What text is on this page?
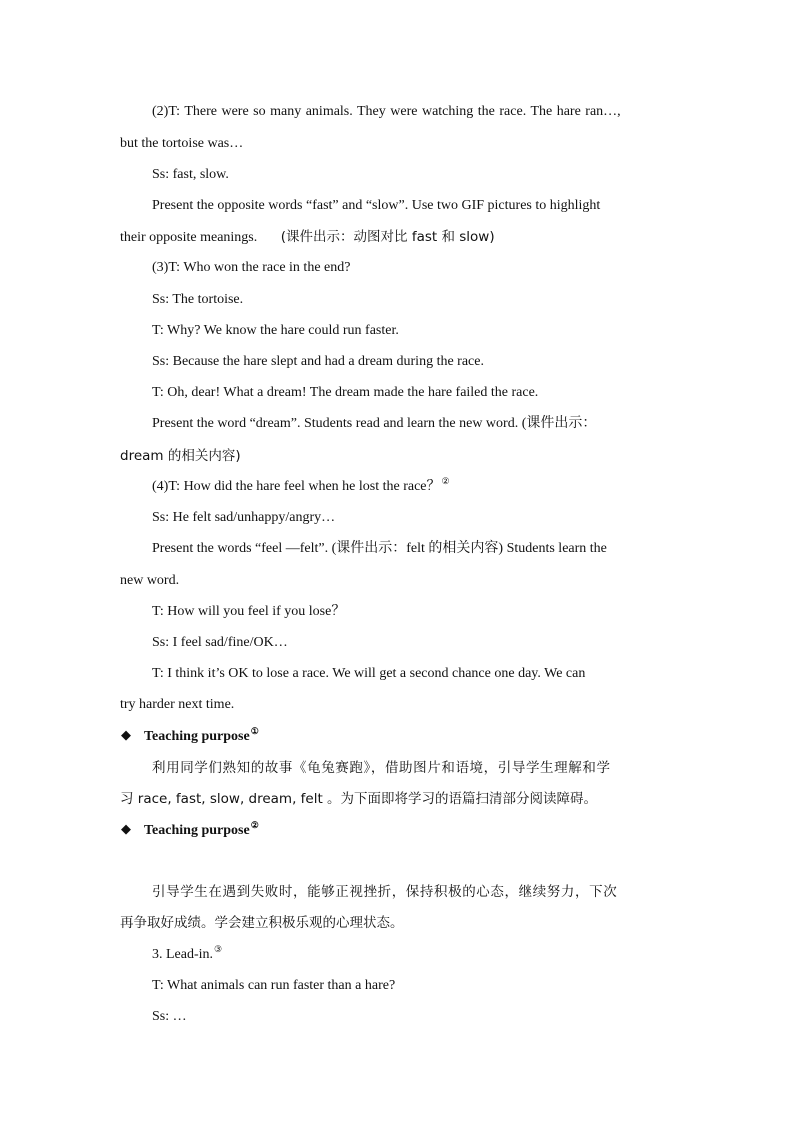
(2)T: There were so many animals. They were watching the race. The hare ran…,
but the tortoise was…
Ss: fast, slow.
Present the opposite words “fast” and “slow”. Use two GIF pictures to highlight
their opposite meanings. (课件出示：动图对比 fast 和 slow)
(3)T: Who won the race in the end?
Ss: The tortoise.
T: Why? We know the hare could run faster.
Ss: Because the hare slept and had a dream during the race.
T: Oh, dear! What a dream! The dream made the hare failed the race.
Present the word “dream”. Students read and learn the new word. (课件出示：
dream 的相关内容)
(4)T: How did the hare feel when he lost the race？②
Ss: He felt sad/unhappy/angry…
Present the words “feel —felt”. (课件出示：felt 的相关内容) Students learn the
new word.
T: How will you feel if you lose？
Ss: I feel sad/fine/OK…
T: I think it’s OK to lose a race. We will get a second chance one day. We can
try harder next time.
◆ Teaching purpose①
利用同学们熟知的故事《龟兔赛跑》，借助图片和语境，引导学生理解和学
习 race, fast, slow, dream, felt 。为下面即将学习的语篇扫清部分阅读障碍。
◆ Teaching purpose②
引导学生在遇到失败时，能够正视挫折，保持积极的心态，继续努力，下次
再争取好成绩。学会建立积极乐观的心理状态。
3. Lead-in.③
T: What animals can run faster than a hare?
Ss: …
